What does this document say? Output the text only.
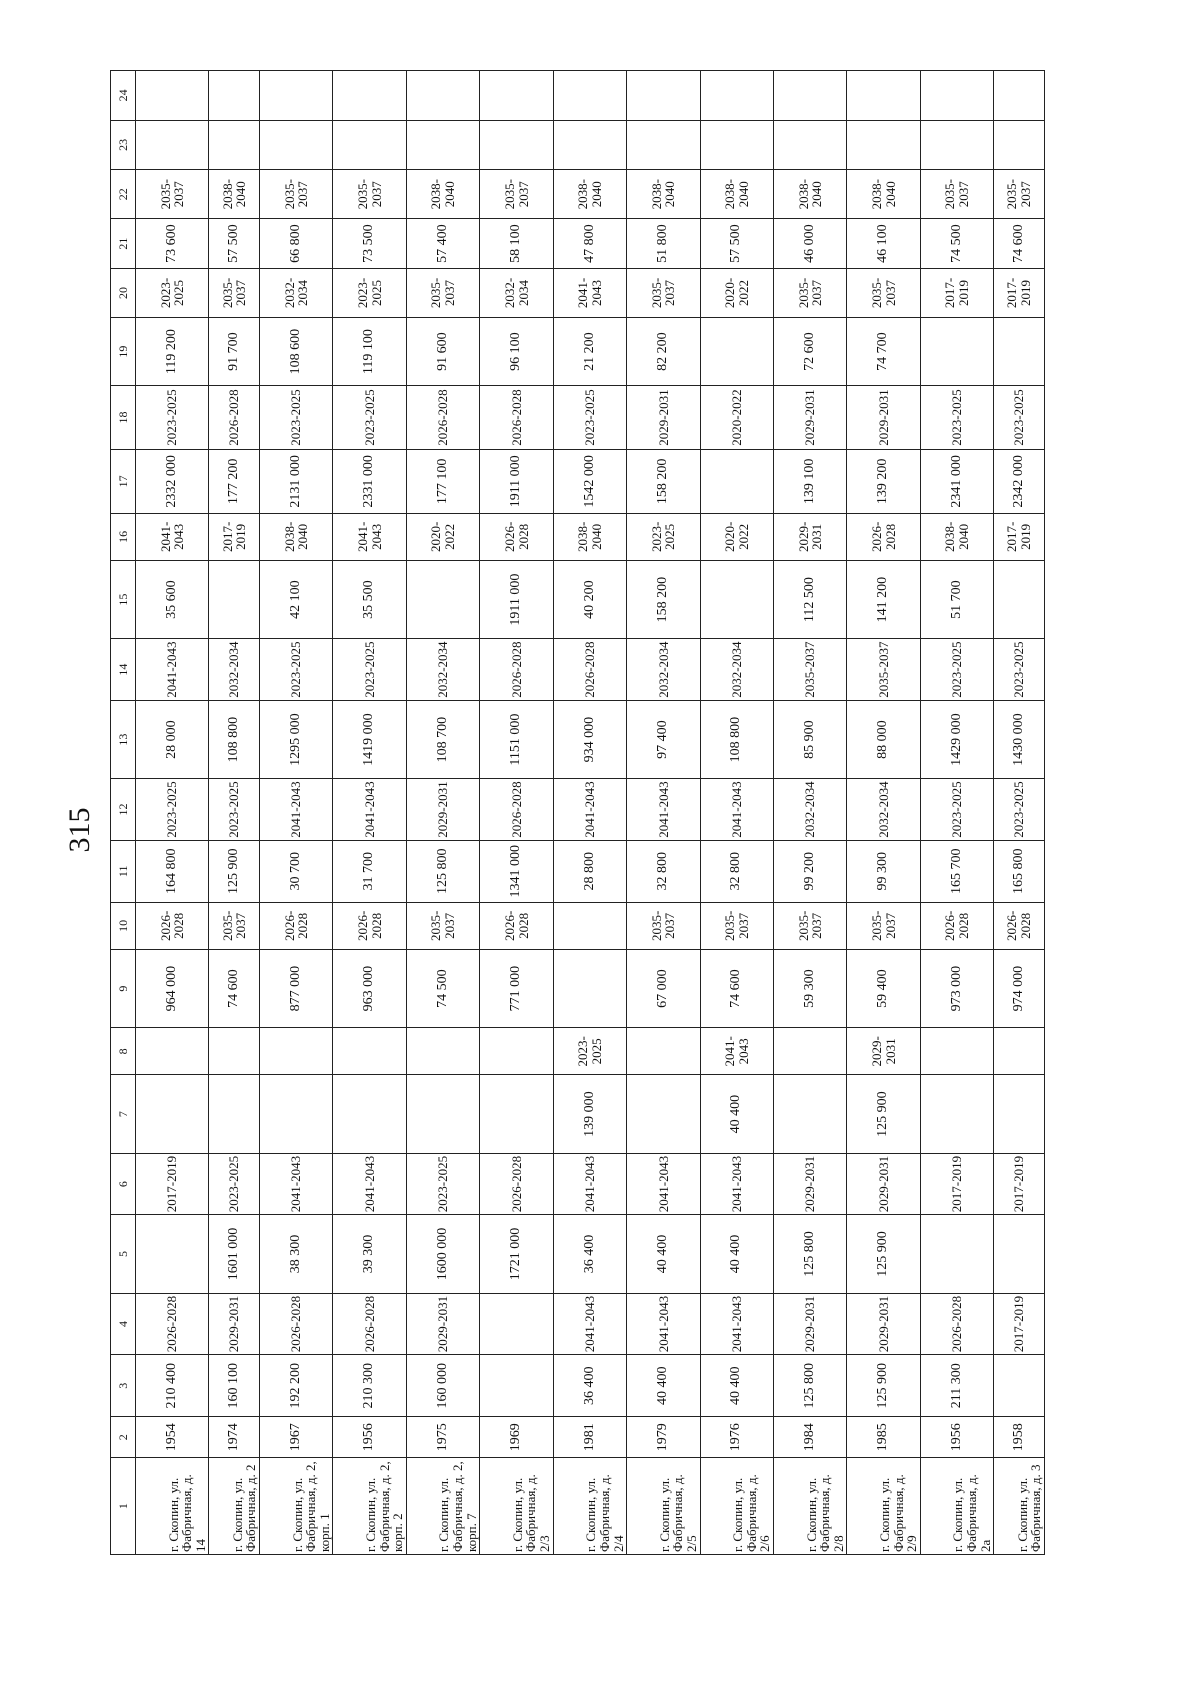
315
1	2	3	4	5	6	7	8	9	10	11	12	13	14	15	16	17	18	19	20	21	22	23	24
г. Скопин, ул. Фабричная, д. 14	1954	210 400	2026-2028		2017-2019			964 000	2026-2028	164 800	2023-2025	28 000	2041-2043	35 600	2041-2043	2332 000	2023-2025	119 200	2023-2025	73 600	2035-2037		
г. Скопин, ул. Фабричная, д. 2	1974	160 100	2029-2031	1601 000	2023-2025			74 600	2035-2037	125 900	2023-2025	108 800	2032-2034		2017-2019	177 200	2026-2028	91 700	2035-2037	57 500	2038-2040		
г. Скопин, ул. Фабричная, д. 2, корп. 1	1967	192 200	2026-2028	38 300	2041-2043			877 000	2026-2028	30 700	2041-2043	1295 000	2023-2025	42 100	2038-2040	2131 000	2023-2025	108 600	2032-2034	66 800	2035-2037		
г. Скопин, ул. Фабричная, д. 2, корп. 2	1956	210 300	2026-2028	39 300	2041-2043			963 000	2026-2028	31 700	2041-2043	1419 000	2023-2025	35 500	2041-2043	2331 000	2023-2025	119 100	2023-2025	73 500	2035-2037		
г. Скопин, ул. Фабричная, д. 2, корп. 7	1975	160 000	2029-2031	1600 000	2023-2025			74 500	2035-2037	125 800	2029-2031	108 700	2032-2034		2020-2022	177 100	2026-2028	91 600	2035-2037	57 400	2038-2040		
г. Скопин, ул. Фабричная, д. 2/3	1969			1721 000	2026-2028			771 000	2026-2028	1341 000	2026-2028	1151 000	2026-2028	1911 000	2026-2028	1911 000	2026-2028	96 100	2032-2034	58 100	2035-2037		
г. Скопин, ул. Фабричная, д. 2/4	1981	36 400	2041-2043	36 400	2041-2043	139 000	2023-2025			28 800	2041-2043	934 000	2026-2028	40 200	2038-2040	1542 000	2023-2025	21 200	2041-2043	47 800	2038-2040		
г. Скопин, ул. Фабричная, д. 2/5	1979	40 400	2041-2043	40 400	2041-2043			67 000	2035-2037	32 800	2041-2043	97 400	2032-2034	158 200	2023-2025	158 200	2029-2031	82 200	2035-2037	51 800	2038-2040		
г. Скопин, ул. Фабричная, д. 2/6	1976	40 400	2041-2043	40 400	2041-2043	40 400	2041-2043	74 600	2035-2037	32 800	2041-2043	108 800	2032-2034		2020-2022		2020-2022		2020-2022	57 500	2038-2040		
г. Скопин, ул. Фабричная, д. 2/8	1984	125 800	2029-2031	125 800	2029-2031			59 300	2035-2037	99 200	2032-2034	85 900	2035-2037	112 500	2029-2031	139 100	2029-2031	72 600	2035-2037	46 000	2038-2040		
г. Скопин, ул. Фабричная, д. 2/9	1985	125 900	2029-2031	125 900	2029-2031	125 900	2029-2031	59 400	2035-2037	99 300	2032-2034	88 000	2035-2037	141 200	2026-2028	139 200	2029-2031	74 700	2035-2037	46 100	2038-2040		
г. Скопин, ул. Фабричная, д. 2а	1956	211 300	2026-2028		2017-2019			973 000	2026-2028	165 700	2023-2025	1429 000	2023-2025	51 700	2038-2040	2341 000	2023-2025		2017-2019	74 500	2035-2037		
г. Скопин, ул. Фабричная, д. 3	1958		2017-2019		2017-2019			974 000	2026-2028	165 800	2023-2025	1430 000	2023-2025		2017-2019	2342 000	2023-2025		2017-2019	74 600	2035-2037		
